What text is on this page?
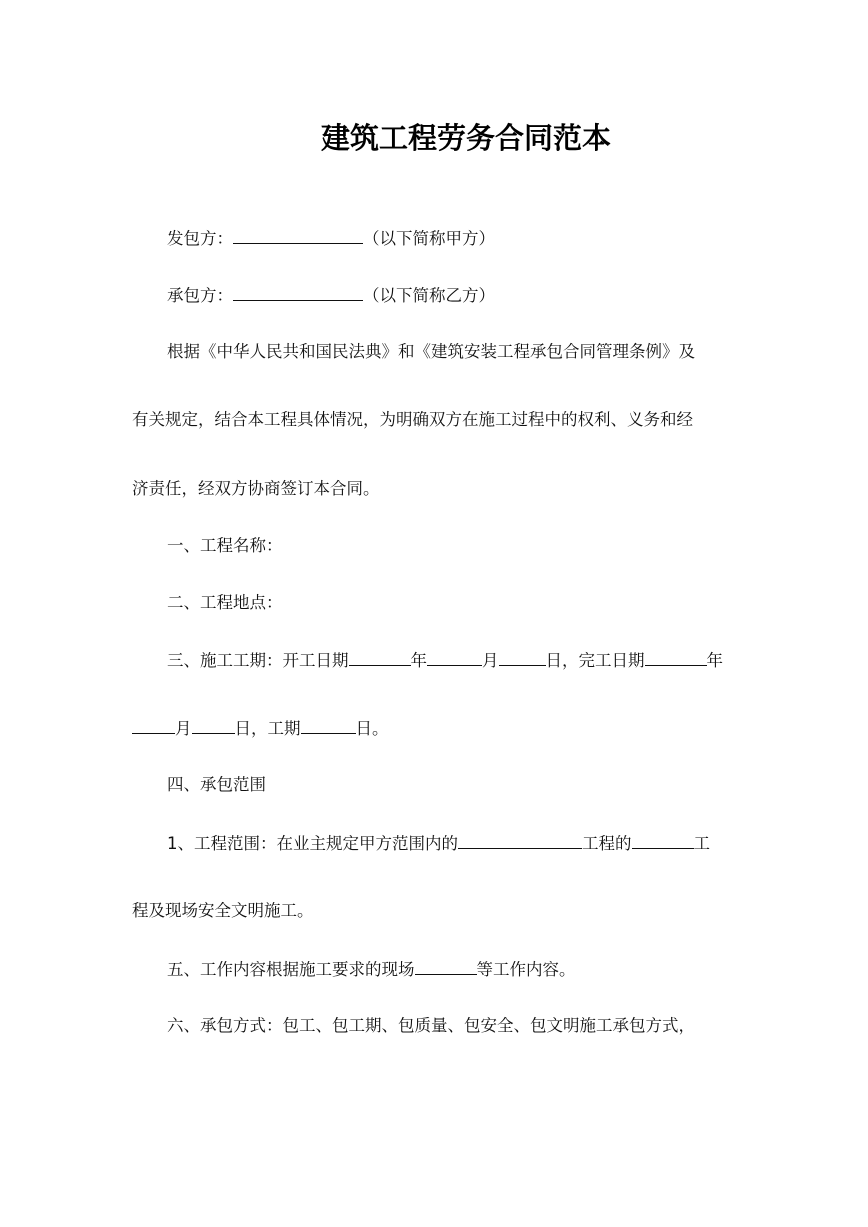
建筑工程劳务合同范本
发包方：	（以下简称甲方）
承包方：	（以下简称乙方）
根据《中华人民共和国民法典》和《建筑安装工程承包合同管理条例》及
有关规定，结合本工程具体情况，为明确双方在施工过程中的权利、义务和经
济责任，经双方协商签订本合同。
一、工程名称：
二、工程地点：
三、施工工期：开工日期	年	月	日，完工日期	年
月	日，工期	日。
四、承包范围
1、工程范围：在业主规定甲方范围内的	工程的	工
程及现场安全文明施工。
五、工作内容根据施工要求的现场	等工作内容。
六、承包方式：包工、包工期、包质量、包安全、包文明施工承包方式，
